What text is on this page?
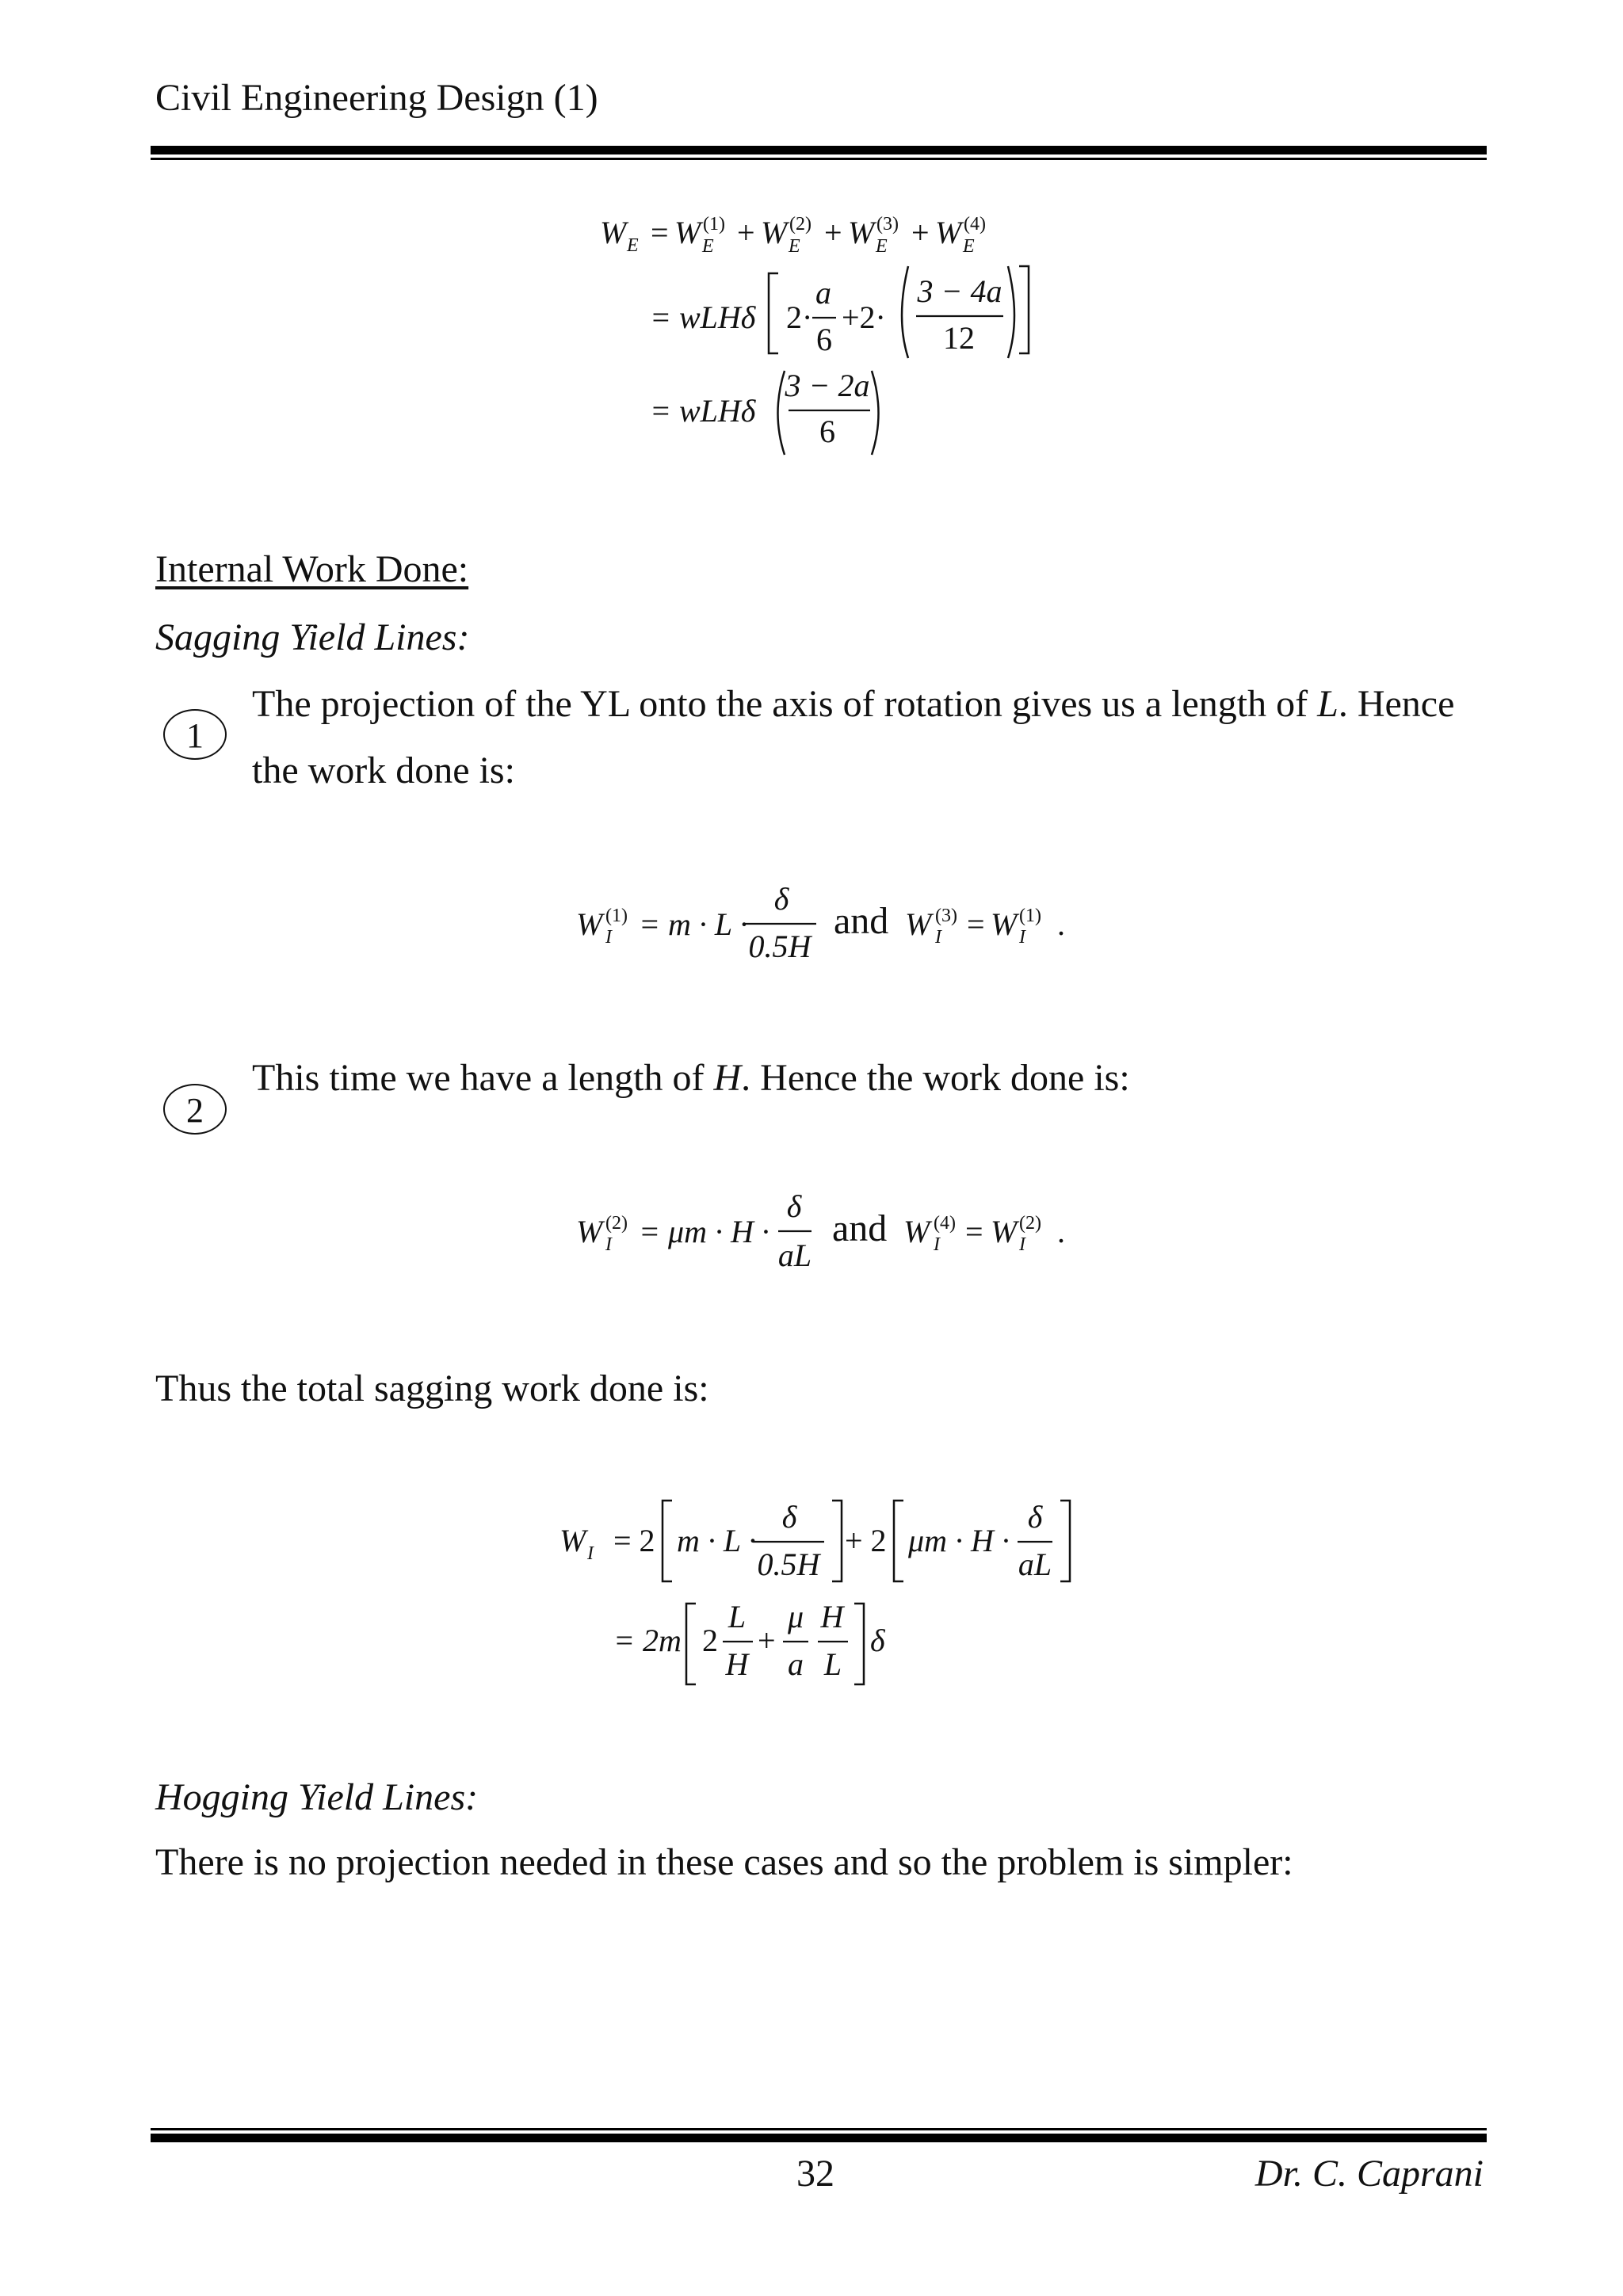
Civil Engineering Design (1)
W E = W (1)
E + W (2)
E + W (3)
E + W (4)
E
= wLHδ 2·
a
6
+2·
3 − 4a
12
= wLHδ
3 − 2a
6
Internal Work Done:
Sagging Yield Lines:
1
The projection of the YL onto the axis of rotation gives us a length of L. Hence
the work done is:
W (1)
I = m · L ·
δ
0.5H
and W (3)
I = W (1)
I .
2
This time we have a length of H. Hence the work done is:
W (2)
I = μm · H ·
δ
aL
and W (4)
I = W (2)
I .
Thus the total sagging work done is:
W I = 2 m · L ·
δ
0.5H
+ 2 μm · H ·
δ
aL
= 2m 2
L
H
+
μ
a
H
L
δ
Hogging Yield Lines:
There is no projection needed in these cases and so the problem is simpler:
32	Dr. C. Caprani
